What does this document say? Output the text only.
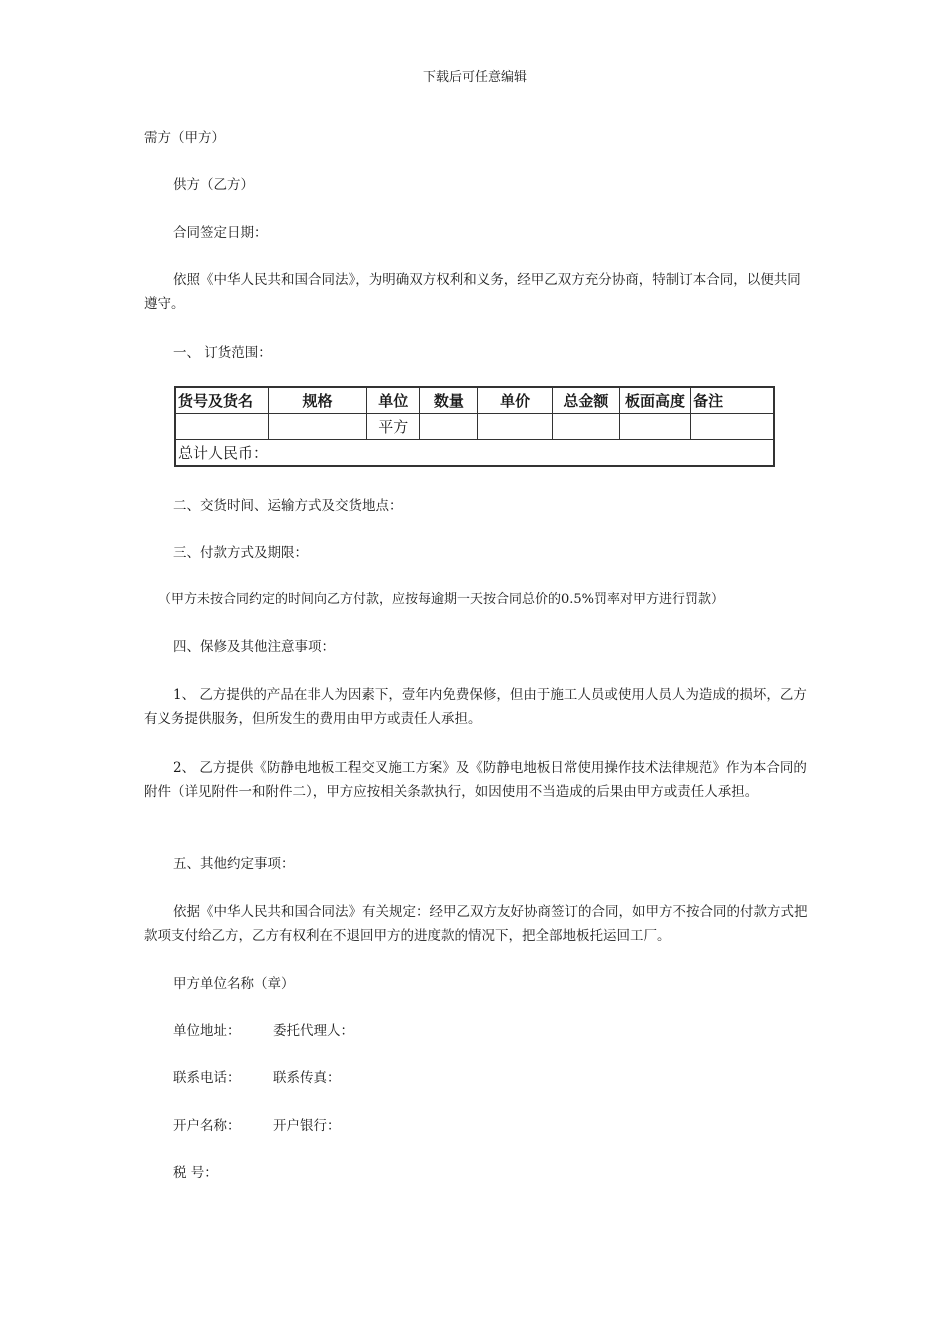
下载后可任意编辑
需方（甲方）
供方（乙方）
合同签定日期：
依照《中华人民共和国合同法》，为明确双方权利和义务，经甲乙双方充分协商，特制订本合同，以便共同遵守。
一、 订货范围：
货号及货名	规格	单位	数量	单价	总金额	板面高度	备注
		平方					
总计人民币：							
二、交货时间、运输方式及交货地点：
三、付款方式及期限：
（甲方未按合同约定的时间向乙方付款，应按每逾期一天按合同总价的0.5%罚率对甲方进行罚款）
四、保修及其他注意事项：
1、 乙方提供的产品在非人为因素下，壹年内免费保修，但由于施工人员或使用人员人为造成的损坏，乙方有义务提供服务，但所发生的费用由甲方或责任人承担。
2、 乙方提供《防静电地板工程交叉施工方案》及《防静电地板日常使用操作技术法律规范》作为本合同的附件（详见附件一和附件二），甲方应按相关条款执行，如因使用不当造成的后果由甲方或责任人承担。
五、其他约定事项：
依据《中华人民共和国合同法》有关规定：经甲乙双方友好协商签订的合同，如甲方不按合同的付款方式把款项支付给乙方，乙方有权利在不退回甲方的进度款的情况下，把全部地板托运回工厂。
甲方单位名称（章）
单位地址： 委托代理人：
联系电话： 联系传真：
开户名称： 开户银行：
税 号：
